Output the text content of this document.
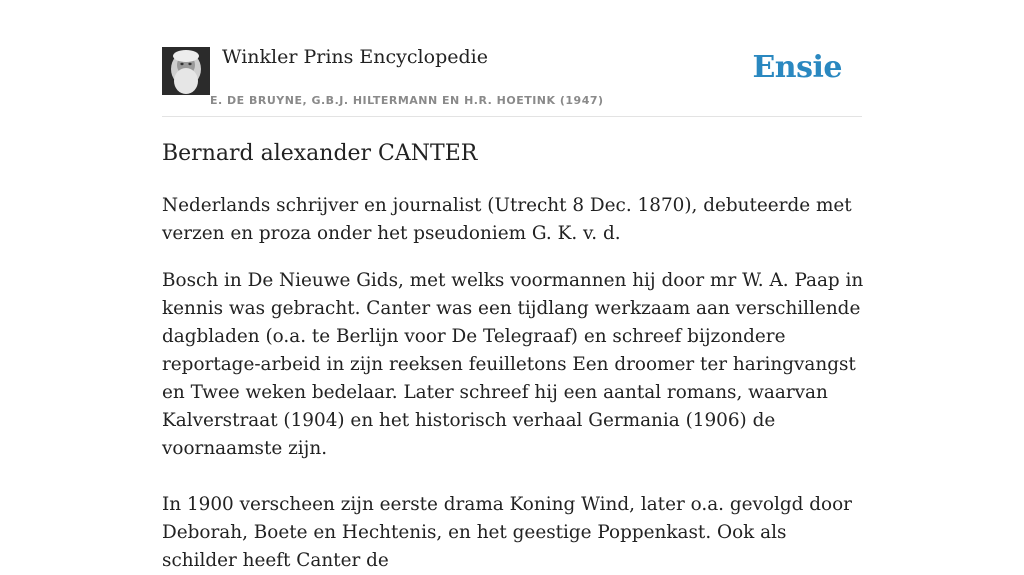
Winkler Prins Encyclopedie
E. DE BRUYNE, G.B.J. HILTERMANN EN H.R. HOETINK (1947)
Ensie
Bernard alexander CANTER

Nederlands schrijver en journalist (Utrecht 8 Dec. 1870), debuteerde met verzen en proza onder het pseudoniem G. K. v. d.

Bosch in De Nieuwe Gids, met welks voormannen hij door mr W. A. Paap in kennis was gebracht. Canter was een tijdlang werkzaam aan verschillende dagbladen (o.a. te Berlijn voor De Telegraaf) en schreef bijzondere reportage-arbeid in zijn reeksen feuilletons Een droomer ter haringvangst en Twee weken bedelaar. Later schreef hij een aantal romans, waarvan Kalverstraat (1904) en het historisch verhaal Germania (1906) de voornaamste zijn.

In 1900 verscheen zijn eerste drama Koning Wind, later o.a. gevolgd door Deborah, Boete en Hechtenis, en het geestige Poppenkast. Ook als schilder heeft Canter de
